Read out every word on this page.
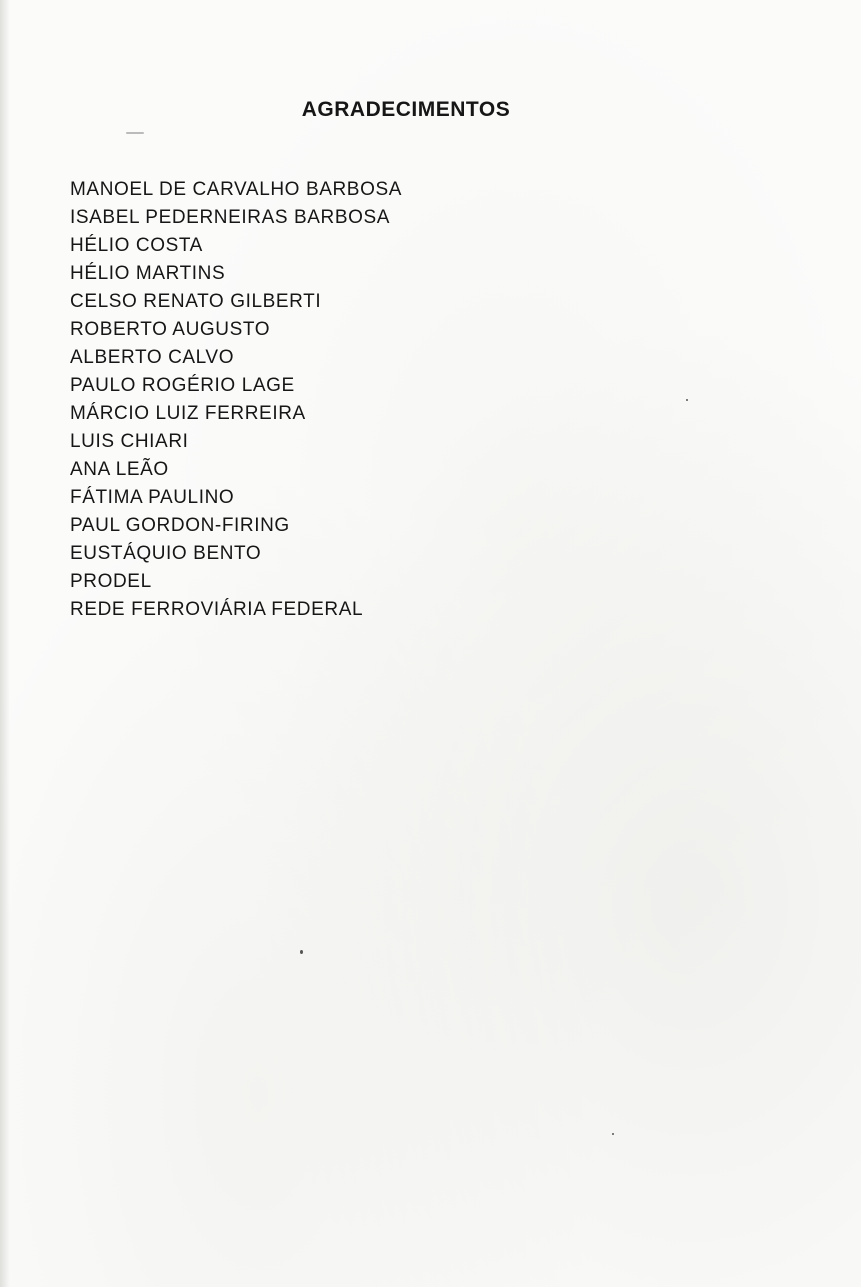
AGRADECIMENTOS
MANOEL DE CARVALHO BARBOSA
ISABEL PEDERNEIRAS BARBOSA
HÉLIO COSTA
HÉLIO MARTINS
CELSO RENATO GILBERTI
ROBERTO AUGUSTO
ALBERTO CALVO
PAULO ROGÉRIO LAGE
MÁRCIO LUIZ FERREIRA
LUIS CHIARI
ANA LEÃO
FÁTIMA PAULINO
PAUL GORDON-FIRING
EUSTÁQUIO BENTO
PRODEL
REDE FERROVIÁRIA FEDERAL
